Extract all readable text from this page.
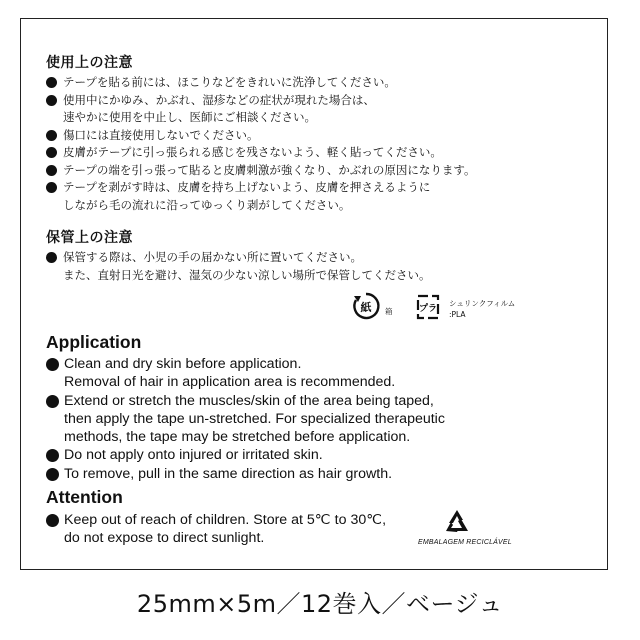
使用上の注意
テープを貼る前には、ほこりなどをきれいに洗浄してください。
使用中にかゆみ、かぶれ、湿疹などの症状が現れた場合は、
速やかに使用を中止し、医師にご相談ください。
傷口には直接使用しないでください。
皮膚がテープに引っ張られる感じを残さないよう、軽く貼ってください。
テープの端を引っ張って貼ると皮膚刺激が強くなり、かぶれの原因になります。
テープを剥がす時は、皮膚を持ち上げないよう、皮膚を押さえるように
しながら毛の流れに沿ってゆっくり剥がしてください。
保管上の注意
保管する際は、小児の手の届かない所に置いてください。
また、直射日光を避け、湿気の少ない涼しい場所で保管してください。
紙 箱	プラ
シュリンクフィルム
:PLA
Application
Clean and dry skin before application.
Removal of hair in application area is recommended.
Extend or stretch the muscles/skin of the area being taped,
then apply the tape un-stretched. For specialized therapeutic
methods, the tape may be stretched before application.
Do not apply onto injured or irritated skin.
To remove, pull in the same direction as hair growth.
Attention
Keep out of reach of children. Store at 5℃ to 30℃,
do not expose to direct sunlight.	EMBALAGEM RECICLÁVEL
25mm×5m／12巻入／ベージュ
